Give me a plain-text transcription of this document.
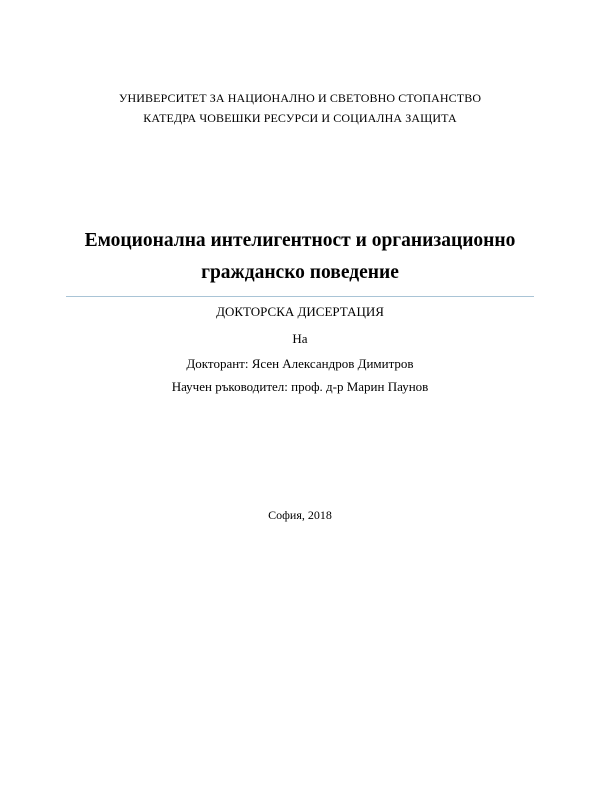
УНИВЕРСИТЕТ ЗА НАЦИОНАЛНО И СВЕТОВНО СТОПАНСТВО
КАТЕДРА ЧОВЕШКИ РЕСУРСИ И СОЦИАЛНА ЗАЩИТА
Емоционална интелигентност и организационно
гражданско поведение
ДОКТОРСКА ДИСЕРТАЦИЯ
На
Докторант: Ясен Александров Димитров
Научен ръководител: проф. д-р Марин Паунов
София, 2018
